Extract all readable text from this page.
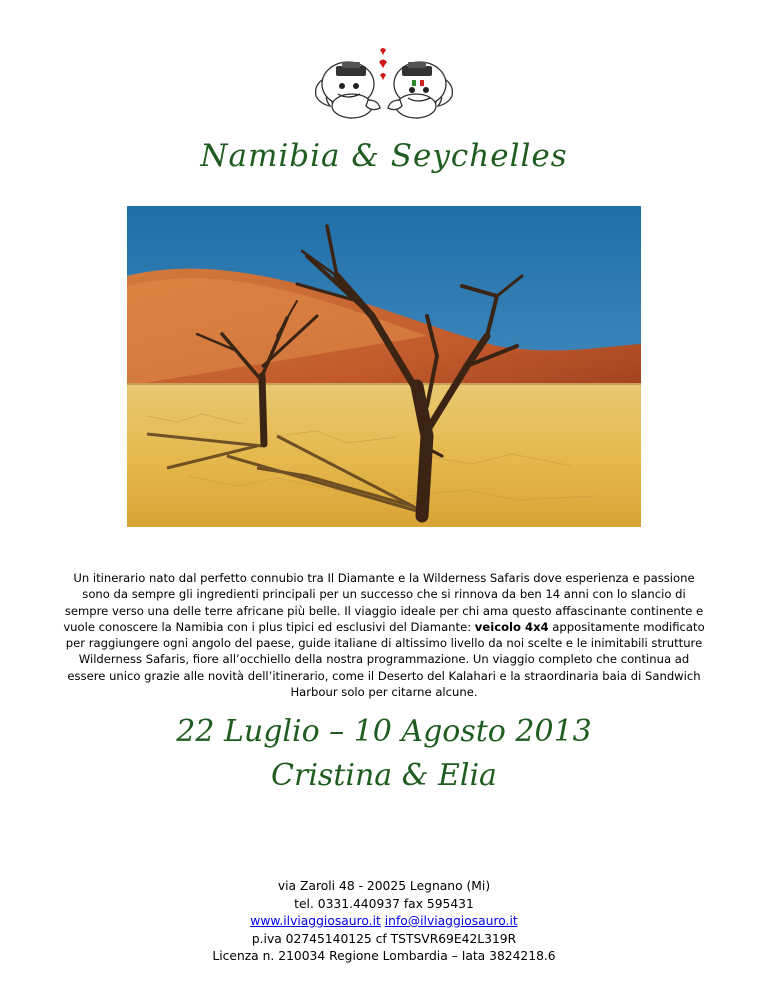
Namibia & Seychelles

Un itinerario nato dal perfetto connubio tra Il Diamante e la Wilderness Safaris dove esperienza e passione sono da sempre gli ingredienti principali per un successo che si rinnova da ben 14 anni con lo slancio di sempre verso una delle terre africane più belle. Il viaggio ideale per chi ama questo affascinante continente e vuole conoscere la Namibia con i plus tipici ed esclusivi del Diamante: veicolo 4x4 appositamente modificato per raggiungere ogni angolo del paese, guide italiane di altissimo livello da noi scelte e le inimitabili strutture Wilderness Safaris, fiore all’occhiello della nostra programmazione. Un viaggio completo che continua ad essere unico grazie alle novità dell’itinerario, come il Deserto del Kalahari e la straordinaria baia di Sandwich Harbour solo per citarne alcune.

22 Luglio – 10 Agosto 2013
Cristina & Elia
via Zaroli 48 - 20025 Legnano (Mi)
tel. 0331.440937 fax 595431
www.ilviaggiosauro.it info@ilviaggiosauro.it
p.iva 02745140125 cf TSTSVR69E42L319R
Licenza n. 210034 Regione Lombardia – Iata 3824218.6
